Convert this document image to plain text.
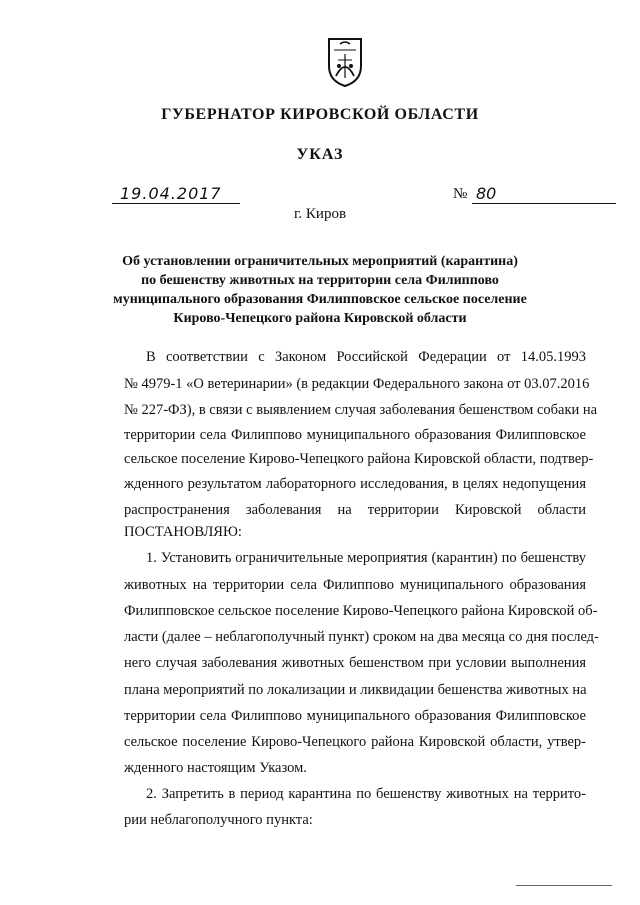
ГУБЕРНАТОР КИРОВСКОЙ ОБЛАСТИ
УКАЗ
19.04.2017	№ 80
г. Киров
Об установлении ограничительных мероприятий (карантина)
по бешенству животных на территории села Филиппово
муниципального образования Филипповское сельское поселение
Кирово-Чепецкого района Кировской области
В соответствии с Законом Российской Федерации от 14.05.1993
№ 4979-1 «О ветеринарии» (в редакции Федерального закона от 03.07.2016
№ 227-ФЗ), в связи с выявлением случая заболевания бешенством собаки на
территории села Филиппово муниципального образования Филипповское
сельское поселение Кирово-Чепецкого района Кировской области, подтвер-
жденного результатом лабораторного исследования, в целях недопущения
распространения заболевания на территории Кировской области
ПОСТАНОВЛЯЮ:
1. Установить ограничительные мероприятия (карантин) по бешенству
животных на территории села Филиппово муниципального образования
Филипповское сельское поселение Кирово-Чепецкого района Кировской об-
ласти (далее – неблагополучный пункт) сроком на два месяца со дня послед-
него случая заболевания животных бешенством при условии выполнения
плана мероприятий по локализации и ликвидации бешенства животных на
территории села Филиппово муниципального образования Филипповское
сельское поселение Кирово-Чепецкого района Кировской области, утвер-
жденного настоящим Указом.
2. Запретить в период карантина по бешенству животных на террито-
рии неблагополучного пункта:
